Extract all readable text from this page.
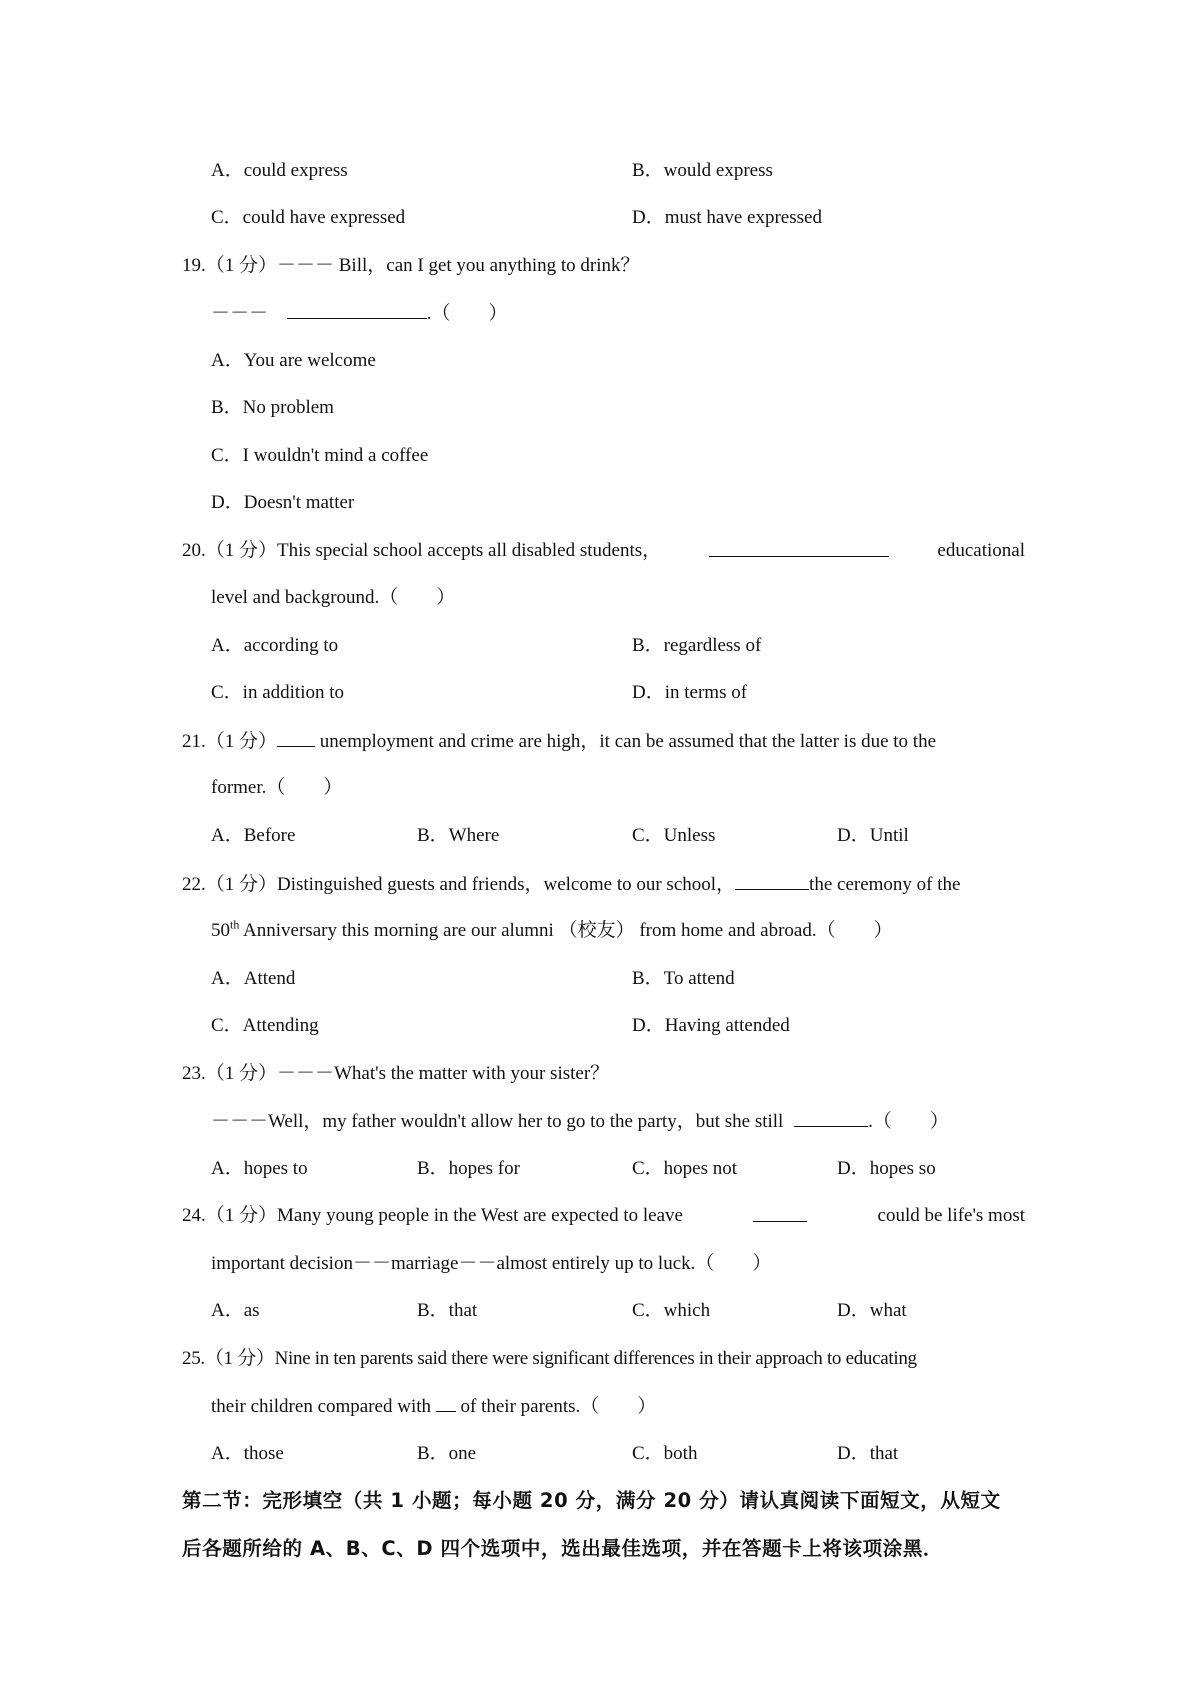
A．could express	B．would express
C．could have expressed	D．must have expressed
19.（1 分）－－－ Bill，can I get you anything to drink？
－－－	.（　　）
A．You are welcome
B．No problem
C．I wouldn't mind a coffee
D．Doesn't matter
20.（1 分）This special school accepts all disabled students，	educational
level and background.（　　）
A．according to	B．regardless of
C．in addition to	D．in terms of
21.（1 分） unemployment and crime are high，it can be assumed that the latter is due to the
former.（　　）
A．Before	B．Where	C．Unless	D．Until
22.（1 分）Distinguished guests and friends，welcome to our school，	the ceremony of the
50th Anniversary this morning are our alumni （校友） from home and abroad.（　　）
A．Attend	B．To attend
C．Attending	D．Having attended
23.（1 分）－－－What's the matter with your sister？
－－－Well，my father wouldn't allow her to go to the party，but she still	.（　　）
A．hopes to	B．hopes for	C．hopes not	D．hopes so
24.（1 分）Many young people in the West are expected to leave	could be life's most
important decision－－marriage－－almost entirely up to luck.（　　）
A．as	B．that	C．which	D．what
25.（1 分）Nine in ten parents said there were significant differences in their approach to educating
their children compared with of their parents.（　　）
A．those	B．one	C．both	D．that
第二节：完形填空（共 1 小题；每小题 20 分，满分 20 分）请认真阅读下面短文，从短文
后各题所给的 A、B、C、D 四个选项中，选出最佳选项，并在答题卡上将该项涂黑．
